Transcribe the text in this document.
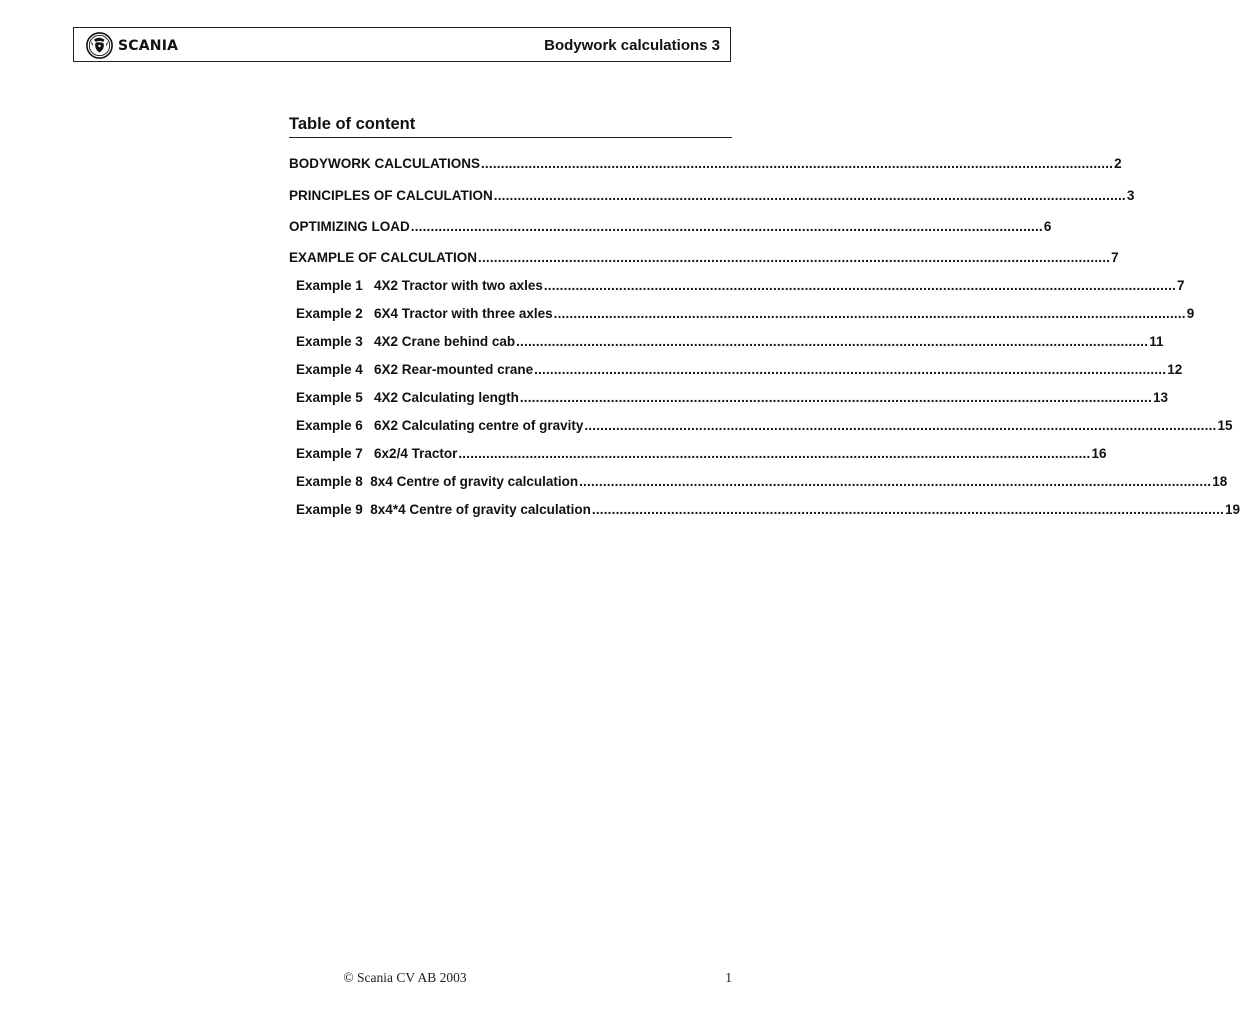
SCANIA	Bodywork calculations 3
Table of content
BODYWORK CALCULATIONS ................................................................................................................................................................ 2
PRINCIPLES OF CALCULATION ................................................................................................................................................................ 3
OPTIMIZING LOAD ................................................................................................................................................................ 6
EXAMPLE OF CALCULATION ................................................................................................................................................................ 7
Example 1   4X2 Tractor with two axles ................................................................................................................................................................ 7
Example 2   6X4 Tractor with three axles ................................................................................................................................................................ 9
Example 3   4X2 Crane behind cab ................................................................................................................................................................ 11
Example 4   6X2 Rear-mounted crane ................................................................................................................................................................ 12
Example 5   4X2 Calculating length ................................................................................................................................................................ 13
Example 6   6X2 Calculating centre of gravity ................................................................................................................................................................ 15
Example 7   6x2/4 Tractor ................................................................................................................................................................ 16
Example 8  8x4 Centre of gravity calculation ................................................................................................................................................................ 18
Example 9  8x4*4 Centre of gravity calculation ................................................................................................................................................................ 19
© Scania CV AB 2003	1
